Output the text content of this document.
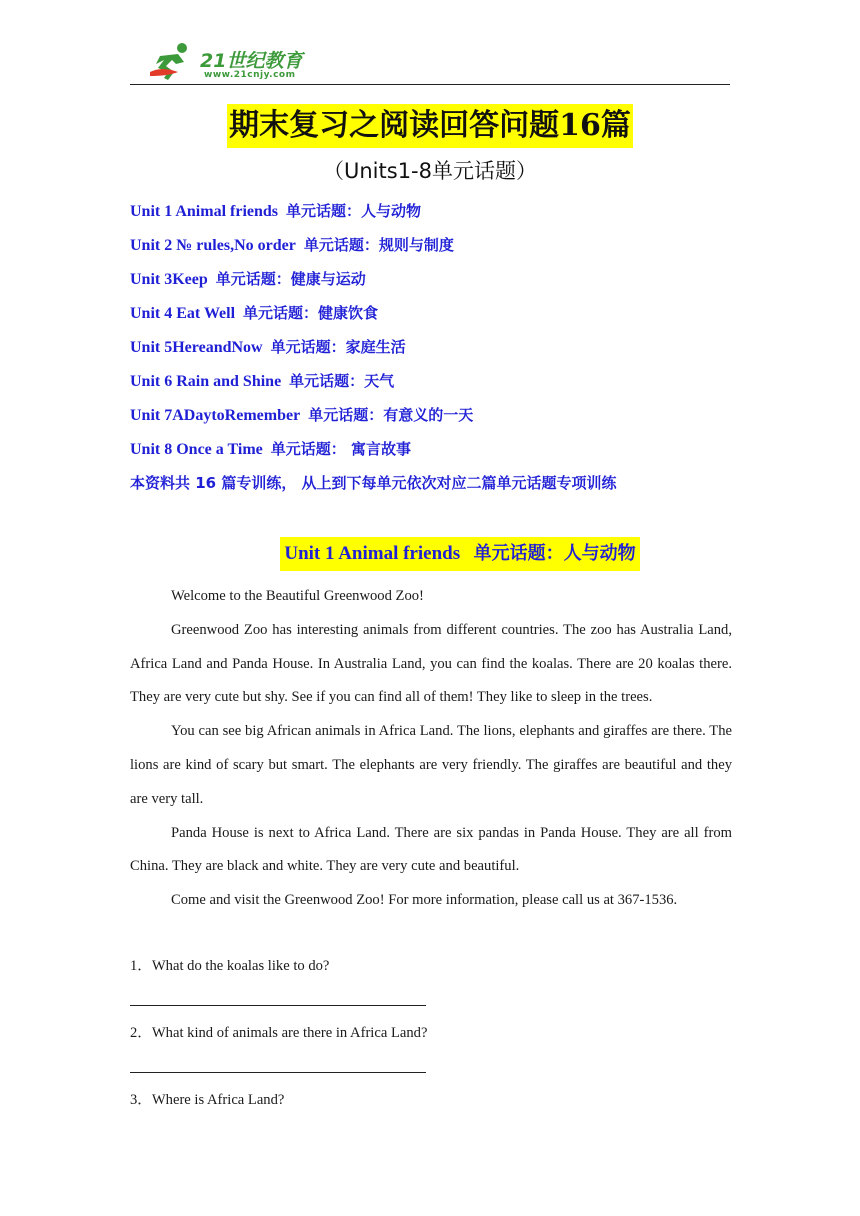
21世纪教育
www.21cnjy.com
期末复习之阅读回答问题16篇
（Units1-8单元话题）
Unit 1 Animal friends 单元话题：人与动物
Unit 2 № rules,No order 单元话题：规则与制度
Unit 3Keep 单元话题：健康与运动
Unit 4 Eat Well 单元话题：健康饮食
Unit 5HereandNow 单元话题：家庭生活
Unit 6 Rain and Shine 单元话题：天气
Unit 7ADaytoRemember 单元话题：有意义的一天
Unit 8 Once a Time 单元话题： 寓言故事
本资料共 16 篇专训练， 从上到下每单元依次对应二篇单元话题专项训练
Unit 1 Animal friends 单元话题：人与动物

Welcome to the Beautiful Greenwood Zoo!

Greenwood Zoo has interesting animals from different countries. The zoo has Australia Land, Africa Land and Panda House. In Australia Land, you can find the koalas. There are 20 koalas there. They are very cute but shy. See if you can find all of them! They like to sleep in the trees.

You can see big African animals in Africa Land. The lions, elephants and giraffes are there. The lions are kind of scary but smart. The elephants are very friendly. The giraffes are beautiful and they are very tall.

Panda House is next to Africa Land. There are six pandas in Panda House. They are all from China. They are black and white. They are very cute and beautiful.

Come and visit the Greenwood Zoo! For more information, please call us at 367-1536.

1．What do the koalas like to do?
2．What kind of animals are there in Africa Land?
3．Where is Africa Land?
